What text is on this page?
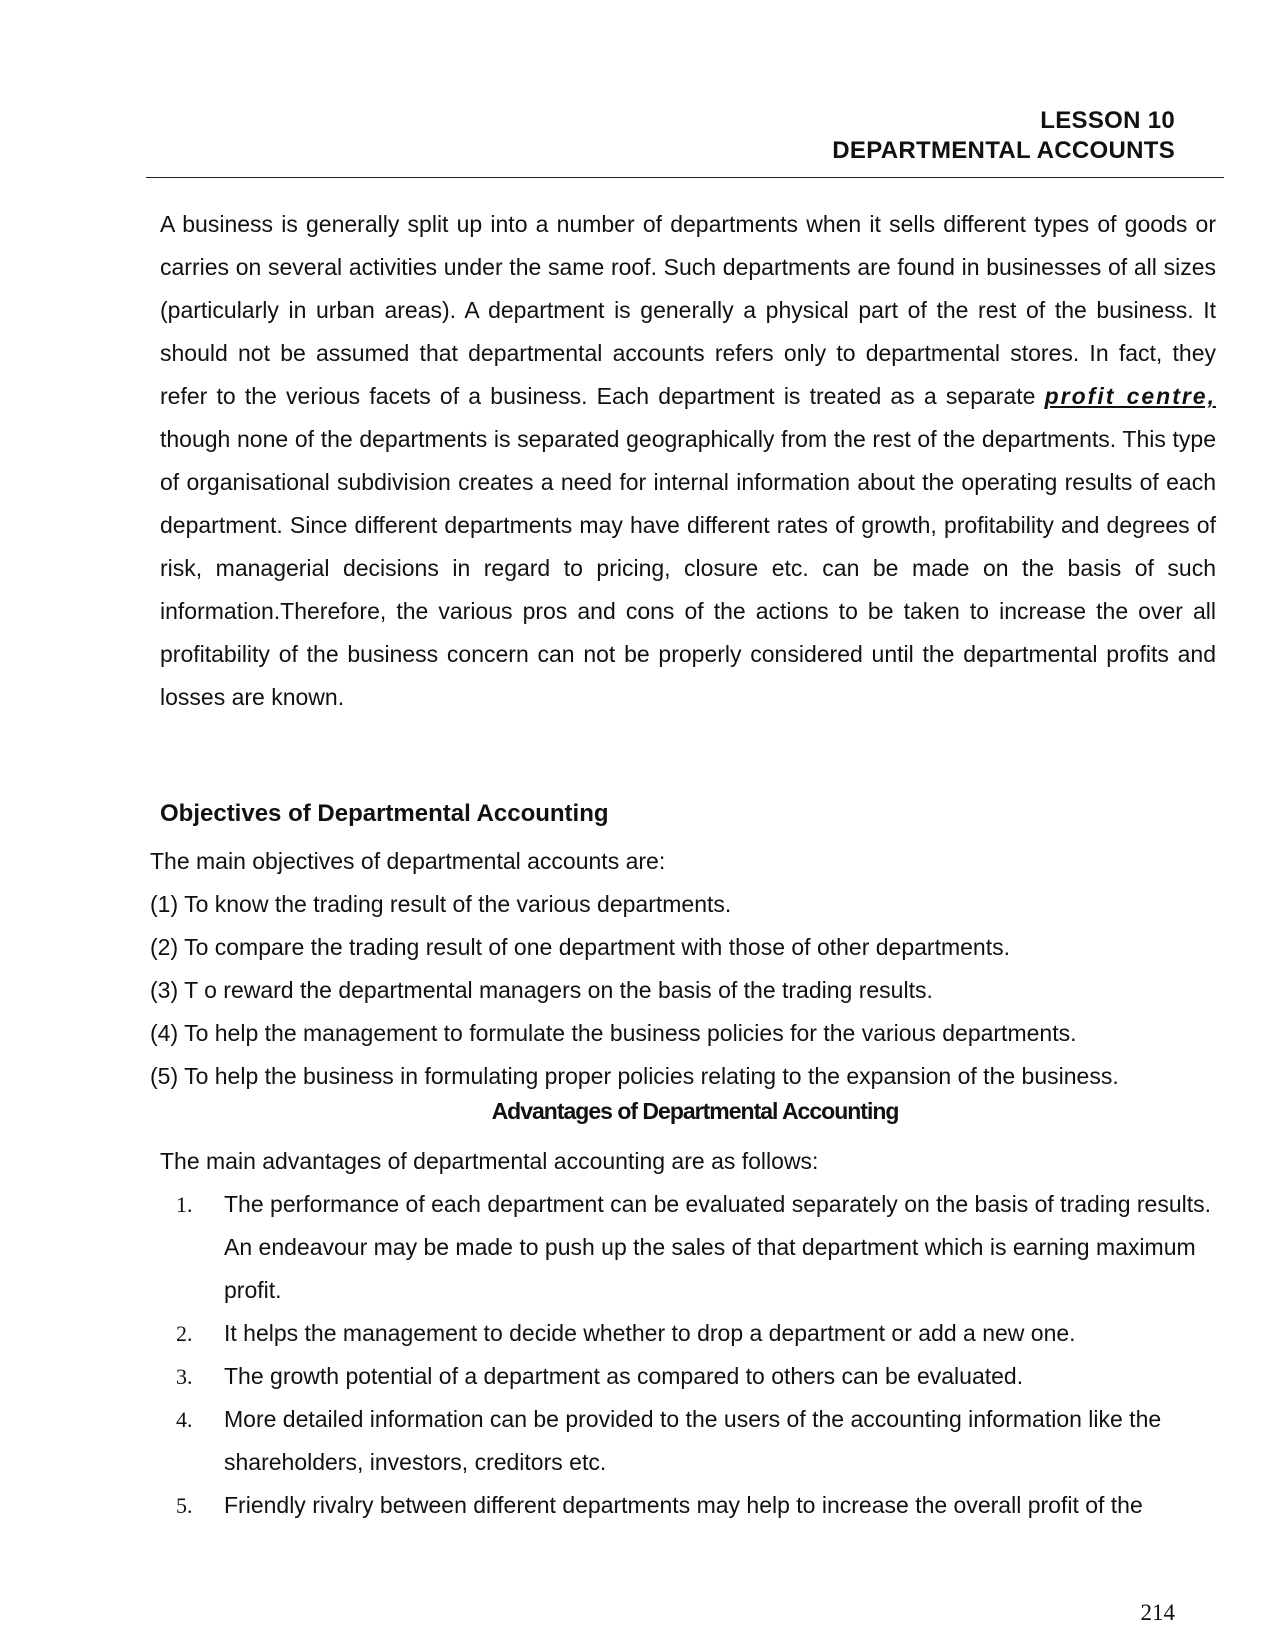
LESSON 10
DEPARTMENTAL ACCOUNTS

A business is generally split up into a number of departments when it sells different types of goods or carries on several activities under the same roof. Such departments are found in businesses of all sizes (particularly in urban areas). A department is generally a physical part of the rest of the business. It should not be assumed that departmental accounts refers only to departmental stores. In fact, they refer to the verious facets of a business. Each department is treated as a separate profit centre, though none of the departments is separated geographically from the rest of the departments. This type of organisational subdivision creates a need for internal information about the operating results of each department. Since different departments may have different rates of growth, profitability and degrees of risk, managerial decisions in regard to pricing, closure etc. can be made on the basis of such information.Therefore, the various pros and cons of the actions to be taken to increase the over all profitability of the business concern can not be properly considered until the departmental profits and losses are known.

Objectives of Departmental Accounting
The main objectives of departmental accounts are:
(1) To know the trading result of the various departments.
(2) To compare the trading result of one department with those of other departments.
(3) T o reward the departmental managers on the basis of the trading results.
(4) To help the management to formulate the business policies for the various departments.
(5) To help the business in formulating proper policies relating to the expansion of the business.
Advantages of Departmental Accounting

The main advantages of departmental accounting are as follows:

1. The performance of each department can be evaluated separately on the basis of trading results. An endeavour may be made to push up the sales of that department which is earning maximum profit.
2. It helps the management to decide whether to drop a department or add a new one.
3. The growth potential of a department as compared to others can be evaluated.
4. More detailed information can be provided to the users of the accounting information like the shareholders, investors, creditors etc.
5. Friendly rivalry between different departments may help to increase the overall profit of the
214
